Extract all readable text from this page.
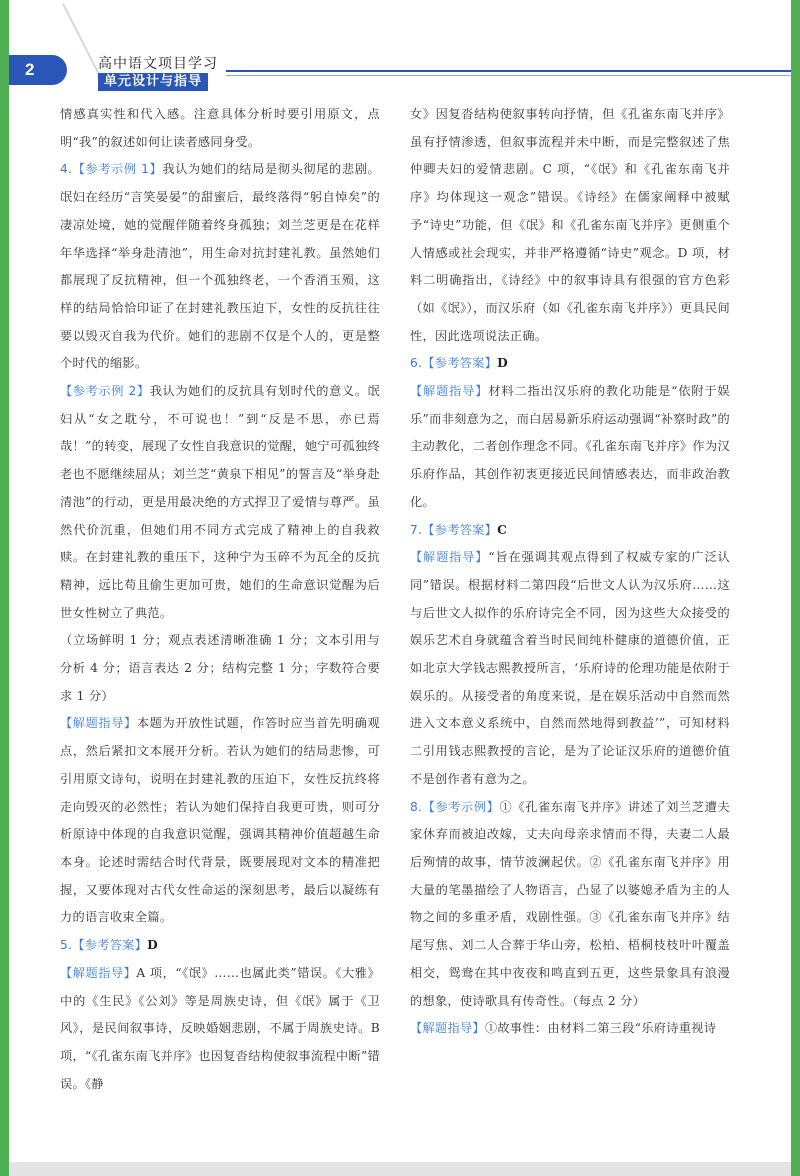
2	高中语文项目学习
单元设计与指导

情感真实性和代入感。注意具体分析时要引用原文，点明“我”的叙述如何让读者感同身受。

4.【参考示例 1】我认为她们的结局是彻头彻尾的悲剧。氓妇在经历“言笑晏晏”的甜蜜后，最终落得“躬自悼矣”的凄凉处境，她的觉醒伴随着终身孤独；刘兰芝更是在花样年华选择“举身赴清池”，用生命对抗封建礼教。虽然她们都展现了反抗精神，但一个孤独终老，一个香消玉殒，这样的结局恰恰印证了在封建礼教压迫下，女性的反抗往往要以毁灭自我为代价。她们的悲剧不仅是个人的，更是整个时代的缩影。

【参考示例 2】我认为她们的反抗具有划时代的意义。氓妇从“女之耽兮，不可说也！”到“反是不思，亦已焉哉！”的转变，展现了女性自我意识的觉醒，她宁可孤独终老也不愿继续屈从；刘兰芝“黄泉下相见”的誓言及“举身赴清池”的行动，更是用最决绝的方式捍卫了爱情与尊严。虽然代价沉重，但她们用不同方式完成了精神上的自我救赎。在封建礼教的重压下，这种宁为玉碎不为瓦全的反抗精神，远比苟且偷生更加可贵，她们的生命意识觉醒为后世女性树立了典范。

（立场鲜明 1 分；观点表述清晰准确 1 分；文本引用与分析 4 分；语言表达 2 分；结构完整 1 分；字数符合要求 1 分）

【解题指导】本题为开放性试题，作答时应当首先明确观点，然后紧扣文本展开分析。若认为她们的结局悲惨，可引用原文诗句，说明在封建礼教的压迫下，女性反抗终将走向毁灭的必然性；若认为她们保持自我更可贵，则可分析原诗中体现的自我意识觉醒，强调其精神价值超越生命本身。论述时需结合时代背景，既要展现对文本的精准把握，又要体现对古代女性命运的深刻思考，最后以凝练有力的语言收束全篇。

5.【参考答案】D

【解题指导】A 项，“《氓》……也属此类”错误。《大雅》中的《生民》《公刘》等是周族史诗，但《氓》属于《卫风》，是民间叙事诗，反映婚姻悲剧，不属于周族史诗。B 项，“《孔雀东南飞并序》也因复沓结构使叙事流程中断”错误。《静

女》因复沓结构使叙事转向抒情，但《孔雀东南飞并序》虽有抒情渗透，但叙事流程并未中断，而是完整叙述了焦仲卿夫妇的爱情悲剧。C 项，“《氓》和《孔雀东南飞并序》均体现这一观念”错误。《诗经》在儒家阐释中被赋予“诗史”功能，但《氓》和《孔雀东南飞并序》更侧重个人情感或社会现实，并非严格遵循“诗史”观念。D 项，材料二明确指出，《诗经》中的叙事诗具有很强的官方色彩（如《氓》），而汉乐府（如《孔雀东南飞并序》）更具民间性，因此选项说法正确。

6.【参考答案】D

【解题指导】材料二指出汉乐府的教化功能是“依附于娱乐”而非刻意为之，而白居易新乐府运动强调“补察时政”的主动教化，二者创作理念不同。《孔雀东南飞并序》作为汉乐府作品，其创作初衷更接近民间情感表达，而非政治教化。

7.【参考答案】C

【解题指导】“旨在强调其观点得到了权威专家的广泛认同”错误。根据材料二第四段“后世文人认为汉乐府……这与后世文人拟作的乐府诗完全不同，因为这些大众接受的娱乐艺术自身就蕴含着当时民间纯朴健康的道德价值，正如北京大学钱志熙教授所言，‘乐府诗的伦理功能是依附于娱乐的。从接受者的角度来说，是在娱乐活动中自然而然进入文本意义系统中，自然而然地得到教益’”，可知材料二引用钱志熙教授的言论，是为了论证汉乐府的道德价值不是创作者有意为之。

8.【参考示例】①《孔雀东南飞并序》讲述了刘兰芝遭夫家休弃而被迫改嫁，丈夫向母亲求情而不得，夫妻二人最后殉情的故事，情节波澜起伏。②《孔雀东南飞并序》用大量的笔墨描绘了人物语言，凸显了以婆媳矛盾为主的人物之间的多重矛盾，戏剧性强。③《孔雀东南飞并序》结尾写焦、刘二人合葬于华山旁，松柏、梧桐枝枝叶叶覆盖相交，鸳鸯在其中夜夜和鸣直到五更，这些景象具有浪漫的想象，使诗歌具有传奇性。（每点 2 分）

【解题指导】①故事性：由材料二第三段“乐府诗重视诗
